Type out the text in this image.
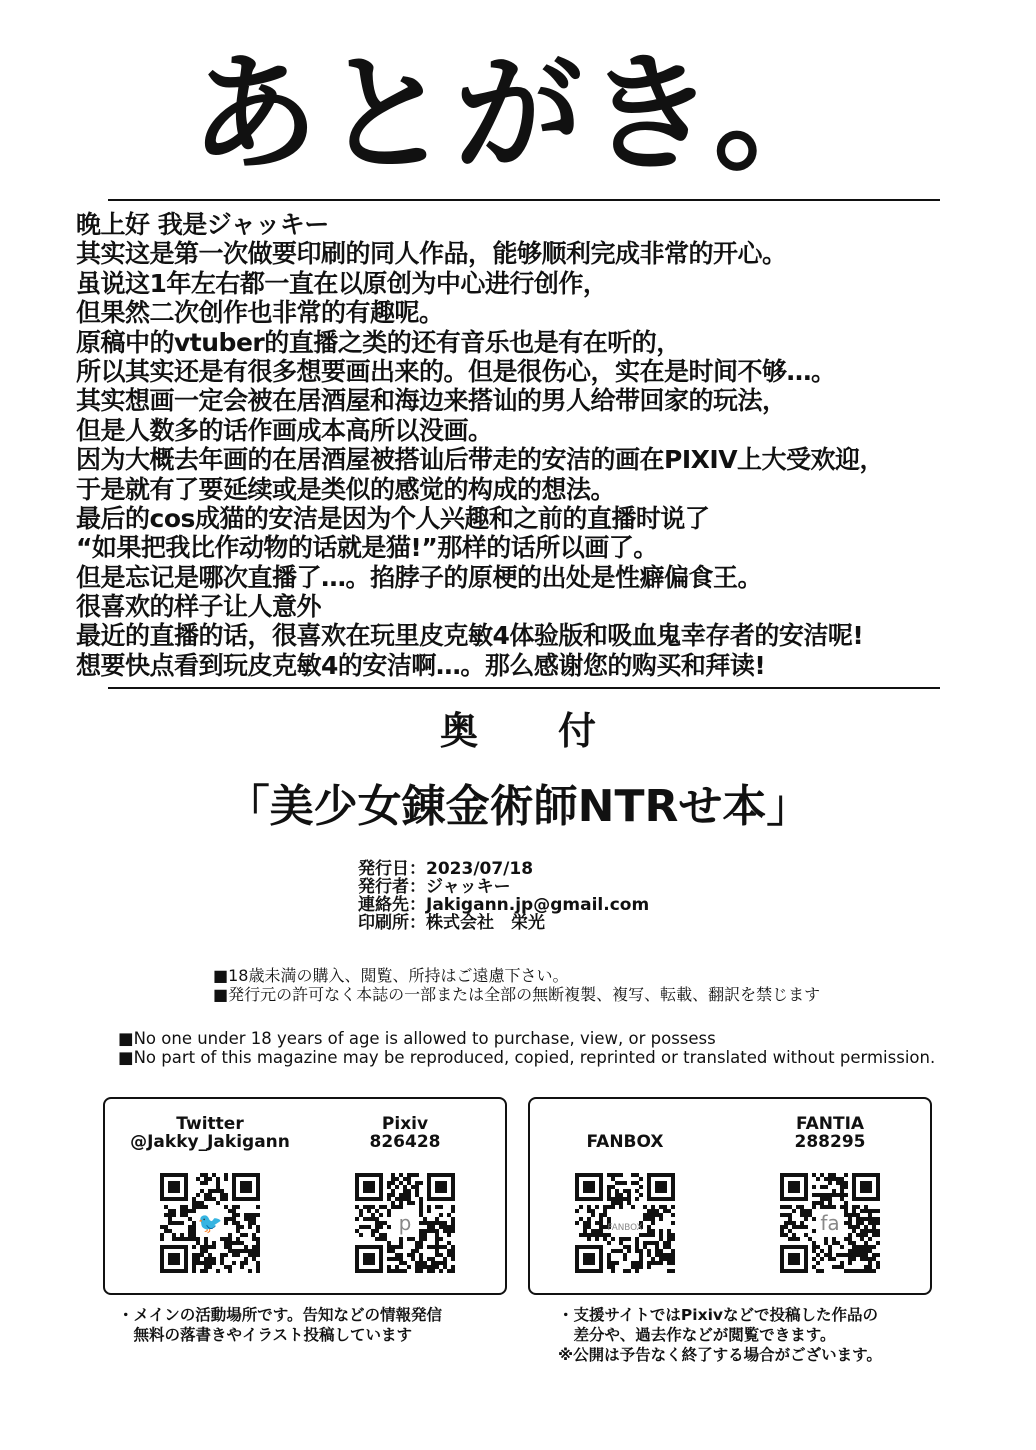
あとがき。
晚上好 我是ジャッキー
其实这是第一次做要印刷的同人作品，能够顺利完成非常的开心。
虽说这1年左右都一直在以原创为中心进行创作，
但果然二次创作也非常的有趣呢。
原稿中的vtuber的直播之类的还有音乐也是有在听的，
所以其实还是有很多想要画出来的。但是很伤心，实在是时间不够…。
其实想画一定会被在居酒屋和海边来搭讪的男人给带回家的玩法，
但是人数多的话作画成本高所以没画。
因为大概去年画的在居酒屋被搭讪后带走的安洁的画在PIXIV上大受欢迎，
于是就有了要延续或是类似的感觉的构成的想法。
最后的cos成猫的安洁是因为个人兴趣和之前的直播时说了
“如果把我比作动物的话就是猫!”那样的话所以画了。
但是忘记是哪次直播了…。掐脖子的原梗的出处是性癖偏食王。
很喜欢的样子让人意外
最近的直播的话，很喜欢在玩里皮克敏4体验版和吸血鬼幸存者的安洁呢!
想要快点看到玩皮克敏4的安洁啊…。那么感谢您的购买和拜读!
奥 付
「美少女錬金術師NTRせ本」
発行日：2023/07/18
発行者：ジャッキー
連絡先：Jakigann.jp@gmail.com
印刷所：株式会社　栄光
■18歳未満の購入、閲覧、所持はご遠慮下さい。
■発行元の許可なく本誌の一部または全部の無断複製、複写、転載、翻訳を禁じます
■No one under 18 years of age is allowed to purchase, view, or possess
■No part of this magazine may be reproduced, copied, reprinted or translated without permission.
Twitter
@Jakky_Jakigann
🐦
Pixiv
826428
p
FANBOX
FANBOX
FANTIA
288295
fa
・メインの活動場所です。告知などの情報発信
　無料の落書きやイラスト投稿しています
・支援サイトではPixivなどで投稿した作品の
　差分や、過去作などが閲覧できます。
※公開は予告なく終了する場合がございます。
